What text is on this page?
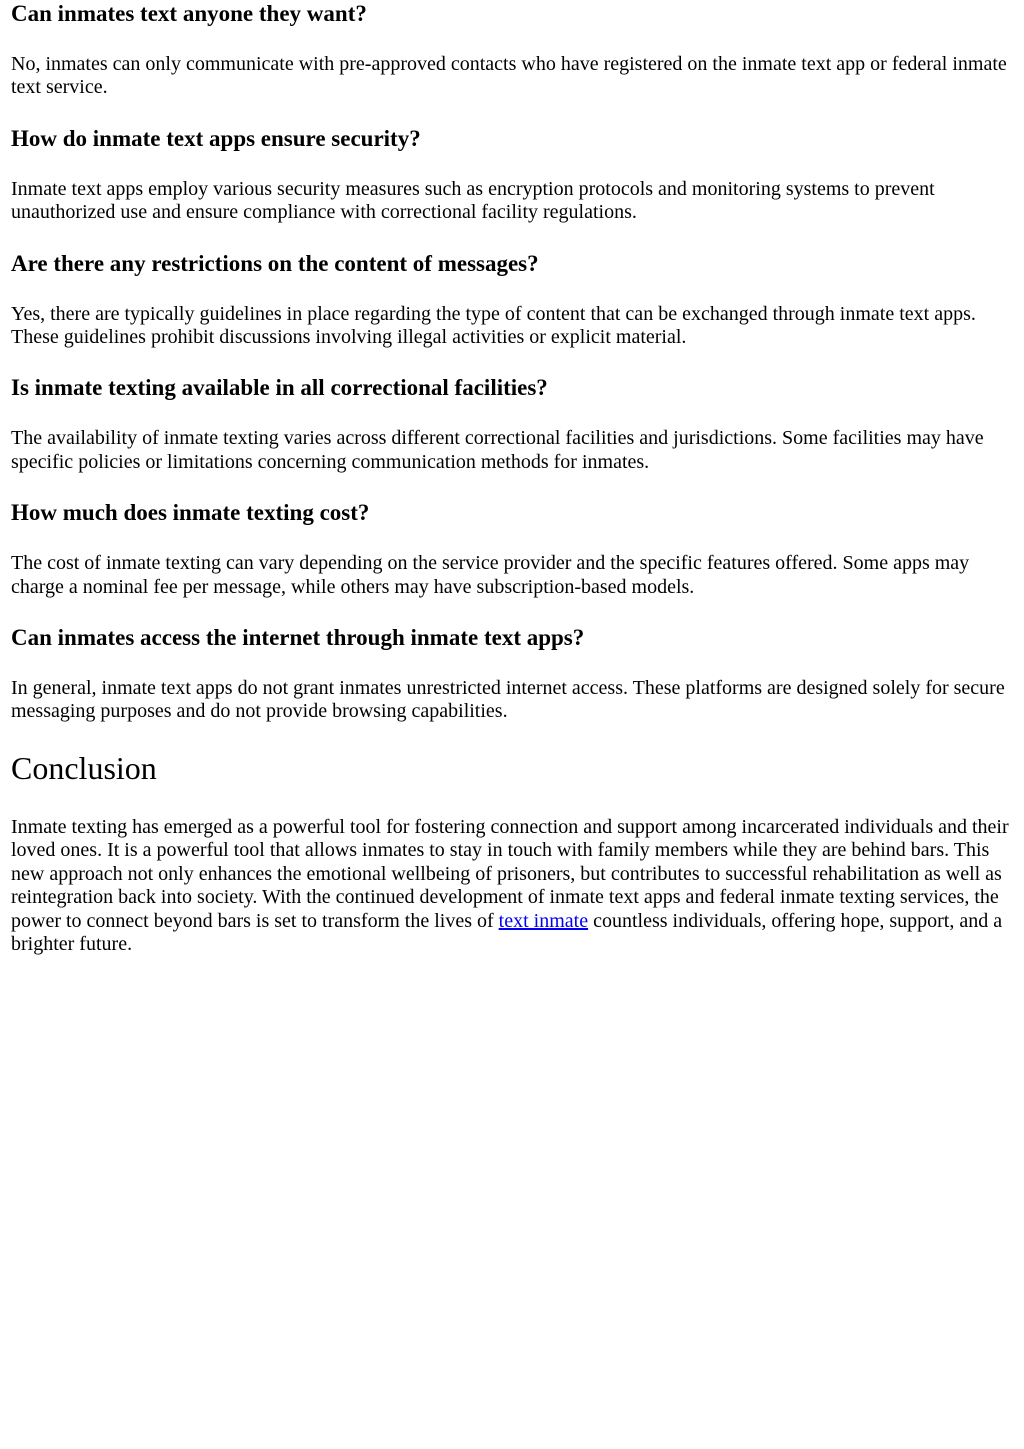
Can inmates text anyone they want?

No, inmates can only communicate with pre-approved contacts who have registered on the inmate text app or federal inmate text service.

How do inmate text apps ensure security?

Inmate text apps employ various security measures such as encryption protocols and monitoring systems to prevent unauthorized use and ensure compliance with correctional facility regulations.

Are there any restrictions on the content of messages?

Yes, there are typically guidelines in place regarding the type of content that can be exchanged through inmate text apps. These guidelines prohibit discussions involving illegal activities or explicit material.

Is inmate texting available in all correctional facilities?

The availability of inmate texting varies across different correctional facilities and jurisdictions. Some facilities may have specific policies or limitations concerning communication methods for inmates.

How much does inmate texting cost?

The cost of inmate texting can vary depending on the service provider and the specific features offered. Some apps may charge a nominal fee per message, while others may have subscription-based models.

Can inmates access the internet through inmate text apps?

In general, inmate text apps do not grant inmates unrestricted internet access. These platforms are designed solely for secure messaging purposes and do not provide browsing capabilities.

Conclusion

Inmate texting has emerged as a powerful tool for fostering connection and support among incarcerated individuals and their loved ones. It is a powerful tool that allows inmates to stay in touch with family members while they are behind bars. This new approach not only enhances the emotional wellbeing of prisoners, but contributes to successful rehabilitation as well as reintegration back into society. With the continued development of inmate text apps and federal inmate texting services, the power to connect beyond bars is set to transform the lives of text inmate countless individuals, offering hope, support, and a brighter future.
